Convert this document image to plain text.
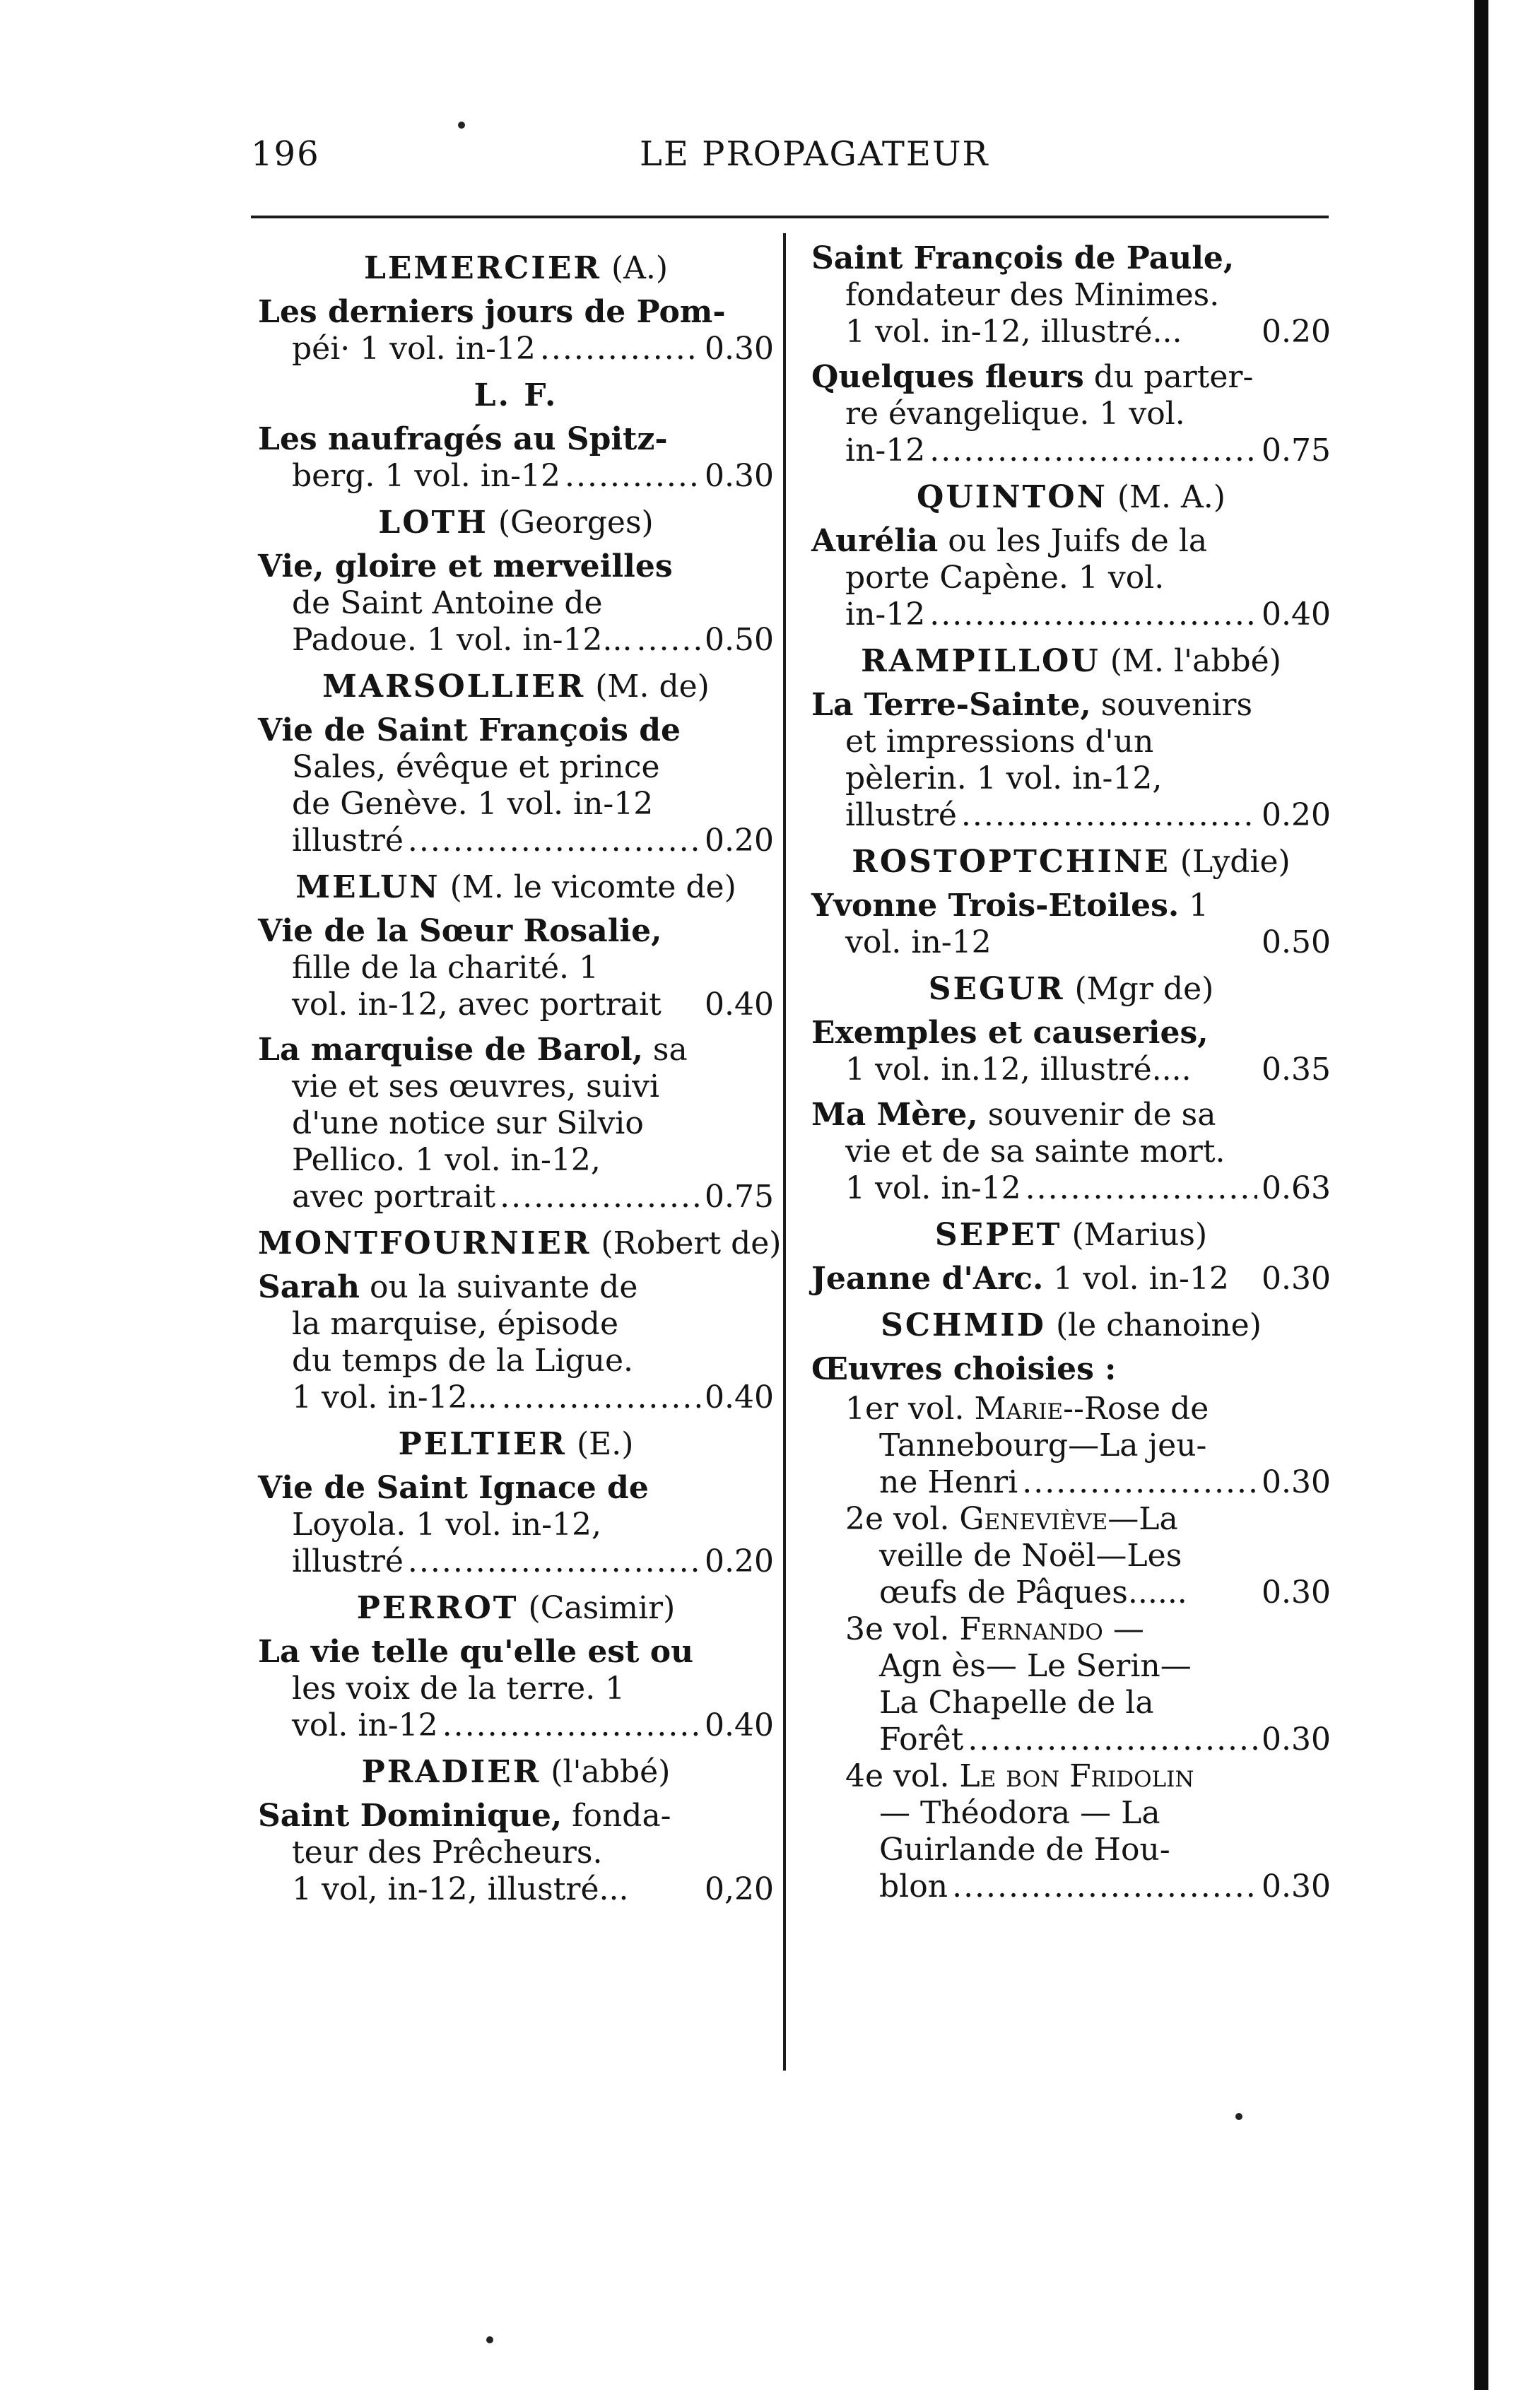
196	LE PROPAGATEUR
LEMERCIER (A.)
Les derniers jours de Pom-
péi· 1 vol. in-12 .....	0.30
L. F.
Les naufragés au Spitz-
berg. 1 vol. in-12 .....	0.30
LOTH (Georges)
Vie, gloire et merveilles
de Saint Antoine de
Padoue. 1 vol. in-12... ..... 0.50
MARSOLLIER (M. de)
Vie de Saint François de
Sales, évêque et prince
de Genève. 1 vol. in-12
illustré .....	0.20
MELUN (M. le vicomte de)
Vie de la Sœur Rosalie,
fille de la charité. 1
vol. in-12, avec portrait 0.40
La marquise de Barol, sa
vie et ses œuvres, suivi
d'une notice sur Silvio
Pellico. 1 vol. in-12,
avec portrait .....	0.75
MONTFOURNIER (Robert de)
Sarah ou la suivante de
la marquise, épisode
du temps de la Ligue.
1 vol. in-12... .....	0.40
PELTIER (E.)
Vie de Saint Ignace de
Loyola. 1 vol. in-12,
illustré .....	0.20
PERROT (Casimir)
La vie telle qu'elle est ou
les voix de la terre. 1
vol. in-12 .....	0.40
PRADIER (l'abbé)
Saint Dominique, fonda-
teur des Prêcheurs.
1 vol, in-12, illustré... 0,20
Saint François de Paule,
fondateur des Minimes.
1 vol. in-12, illustré...	0.20
Quelques fleurs du parter-
re évangelique. 1 vol.
in-12 .....	0.75
QUINTON (M. A.)
Aurélia ou les Juifs de la
porte Capène. 1 vol.
in-12 .....	0.40
RAMPILLOU (M. l'abbé)
La Terre-Sainte, souvenirs
et impressions d'un
pèlerin. 1 vol. in-12,
illustré .....	0.20
ROSTOPTCHINE (Lydie)
Yvonne Trois-Etoiles. 1
vol. in-12	0.50
SEGUR (Mgr de)
Exemples et causeries,
1 vol. in.12, illustré.... 0.35
Ma Mère, souvenir de sa
vie et de sa sainte mort.
1 vol. in-12 .....	0.63
SEPET (Marius)
Jeanne d'Arc. 1 vol. in-12	0.30
SCHMID (le chanoine)
Œuvres choisies :
1er vol. Marie--Rose de
Tannebourg—La jeu-
ne Henri .....	0.30
2e vol. Geneviève—La
veille de Noël—Les
œufs de Pâques...... 0.30
3e vol. Fernando —
Agn ès— Le Serin—
La Chapelle de la
Forêt .....	0.30
4e vol. Le bon Fridolin
— Théodora — La
Guirlande de Hou-
blon .....	0.30
